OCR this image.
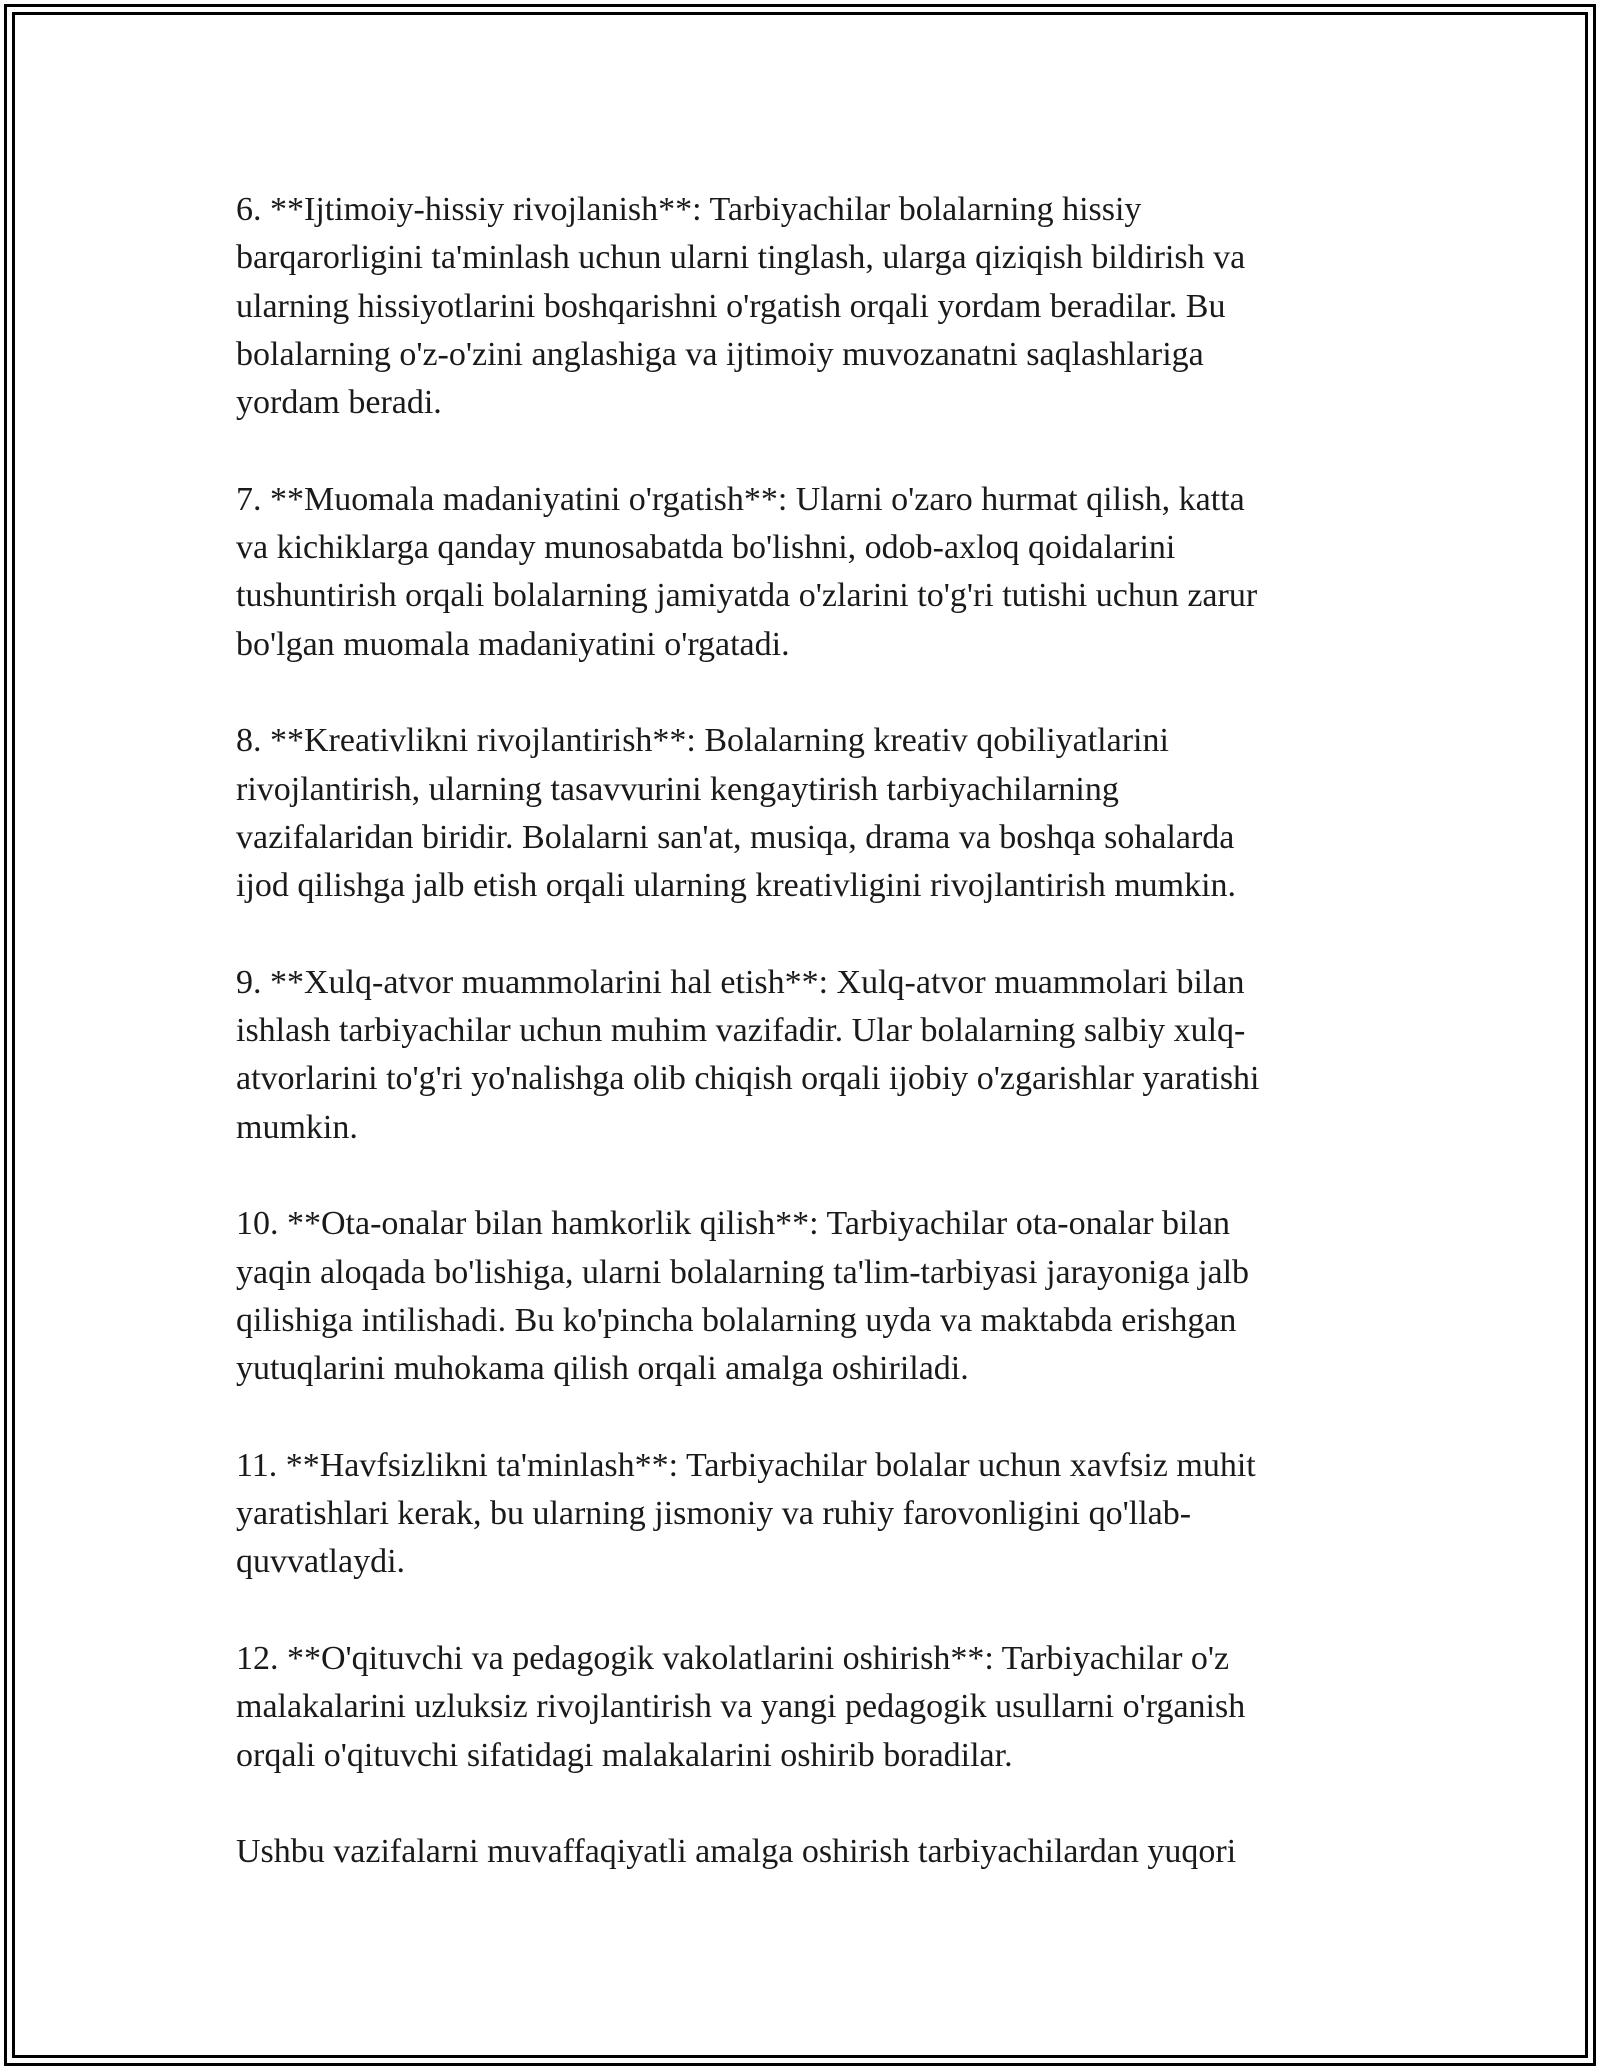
6. **Ijtimoiy-hissiy rivojlanish**: Tarbiyachilar bolalarning hissiy
barqarorligini ta'minlash uchun ularni tinglash, ularga qiziqish bildirish va
ularning hissiyotlarini boshqarishni o'rgatish orqali yordam beradilar. Bu
bolalarning o'z-o'zini anglashiga va ijtimoiy muvozanatni saqlashlariga
yordam beradi.

7. **Muomala madaniyatini o'rgatish**: Ularni o'zaro hurmat qilish, katta
va kichiklarga qanday munosabatda bo'lishni, odob-axloq qoidalarini
tushuntirish orqali bolalarning jamiyatda o'zlarini to'g'ri tutishi uchun zarur
bo'lgan muomala madaniyatini o'rgatadi.

8. **Kreativlikni rivojlantirish**: Bolalarning kreativ qobiliyatlarini
rivojlantirish, ularning tasavvurini kengaytirish tarbiyachilarning
vazifalaridan biridir. Bolalarni san'at, musiqa, drama va boshqa sohalarda
ijod qilishga jalb etish orqali ularning kreativligini rivojlantirish mumkin.

9. **Xulq-atvor muammolarini hal etish**: Xulq-atvor muammolari bilan
ishlash tarbiyachilar uchun muhim vazifadir. Ular bolalarning salbiy xulq-
atvorlarini to'g'ri yo'nalishga olib chiqish orqali ijobiy o'zgarishlar yaratishi
mumkin.

10. **Ota-onalar bilan hamkorlik qilish**: Tarbiyachilar ota-onalar bilan
yaqin aloqada bo'lishiga, ularni bolalarning ta'lim-tarbiyasi jarayoniga jalb
qilishiga intilishadi. Bu ko'pincha bolalarning uyda va maktabda erishgan
yutuqlarini muhokama qilish orqali amalga oshiriladi.

11. **Havfsizlikni ta'minlash**: Tarbiyachilar bolalar uchun xavfsiz muhit
yaratishlari kerak, bu ularning jismoniy va ruhiy farovonligini qo'llab-
quvvatlaydi.

12. **O'qituvchi va pedagogik vakolatlarini oshirish**: Tarbiyachilar o'z
malakalarini uzluksiz rivojlantirish va yangi pedagogik usullarni o'rganish
orqali o'qituvchi sifatidagi malakalarini oshirib boradilar.

Ushbu vazifalarni muvaffaqiyatli amalga oshirish tarbiyachilardan yuqori
